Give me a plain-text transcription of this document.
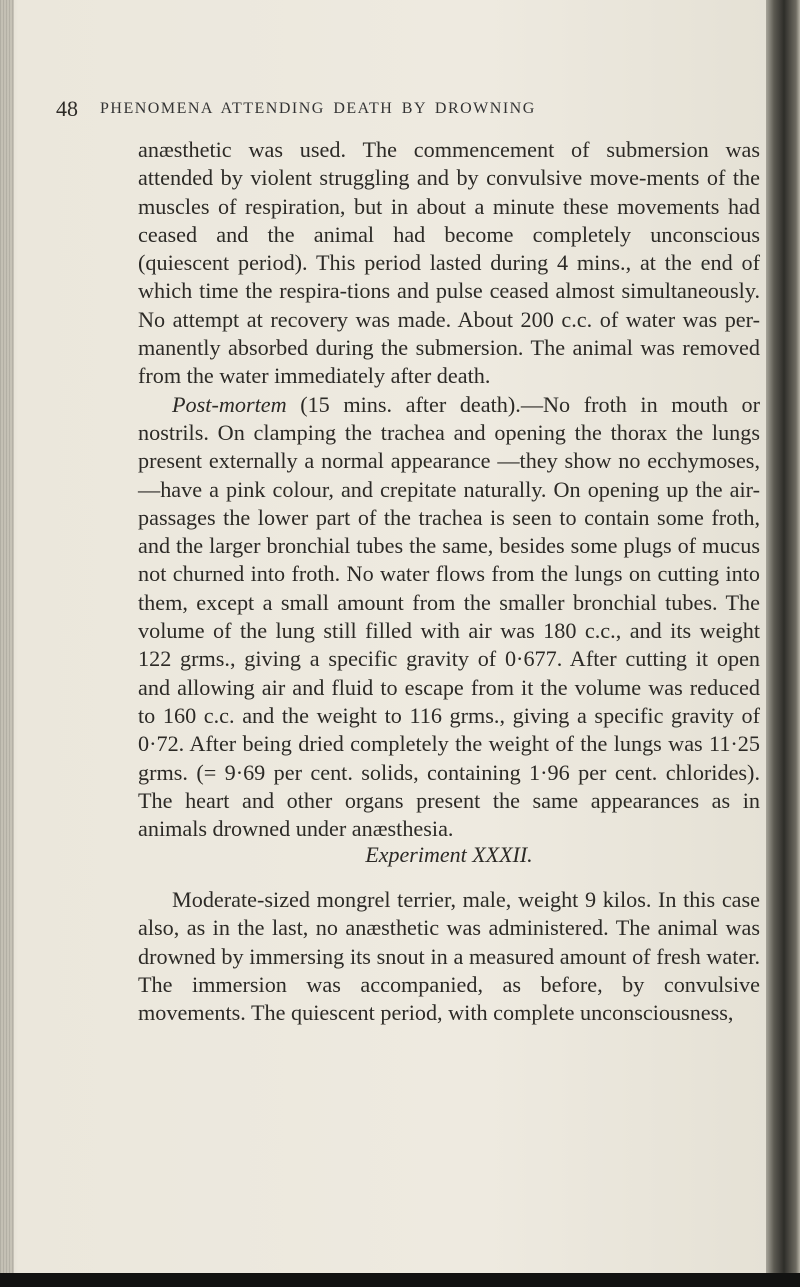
48 PHENOMENA ATTENDING DEATH BY DROWNING

anæsthetic was used. The commencement of submersion was attended by violent struggling and by convulsive move-ments of the muscles of respiration, but in about a minute these movements had ceased and the animal had become completely unconscious (quiescent period). This period lasted during 4 mins., at the end of which time the respira-tions and pulse ceased almost simultaneously. No attempt at recovery was made. About 200 c.c. of water was per-manently absorbed during the submersion. The animal was removed from the water immediately after death.

Post-mortem (15 mins. after death).—No froth in mouth or nostrils. On clamping the trachea and opening the thorax the lungs present externally a normal appearance —they show no ecchymoses,—have a pink colour, and crepitate naturally. On opening up the air-passages the lower part of the trachea is seen to contain some froth, and the larger bronchial tubes the same, besides some plugs of mucus not churned into froth. No water flows from the lungs on cutting into them, except a small amount from the smaller bronchial tubes. The volume of the lung still filled with air was 180 c.c., and its weight 122 grms., giving a specific gravity of 0·677. After cutting it open and allowing air and fluid to escape from it the volume was reduced to 160 c.c. and the weight to 116 grms., giving a specific gravity of 0·72. After being dried completely the weight of the lungs was 11·25 grms. (= 9·69 per cent. solids, containing 1·96 per cent. chlorides). The heart and other organs present the same appearances as in animals drowned under anæsthesia.

Experiment XXXII.

Moderate-sized mongrel terrier, male, weight 9 kilos. In this case also, as in the last, no anæsthetic was administered. The animal was drowned by immersing its snout in a measured amount of fresh water. The immersion was accompanied, as before, by convulsive movements. The quiescent period, with complete unconsciousness,
